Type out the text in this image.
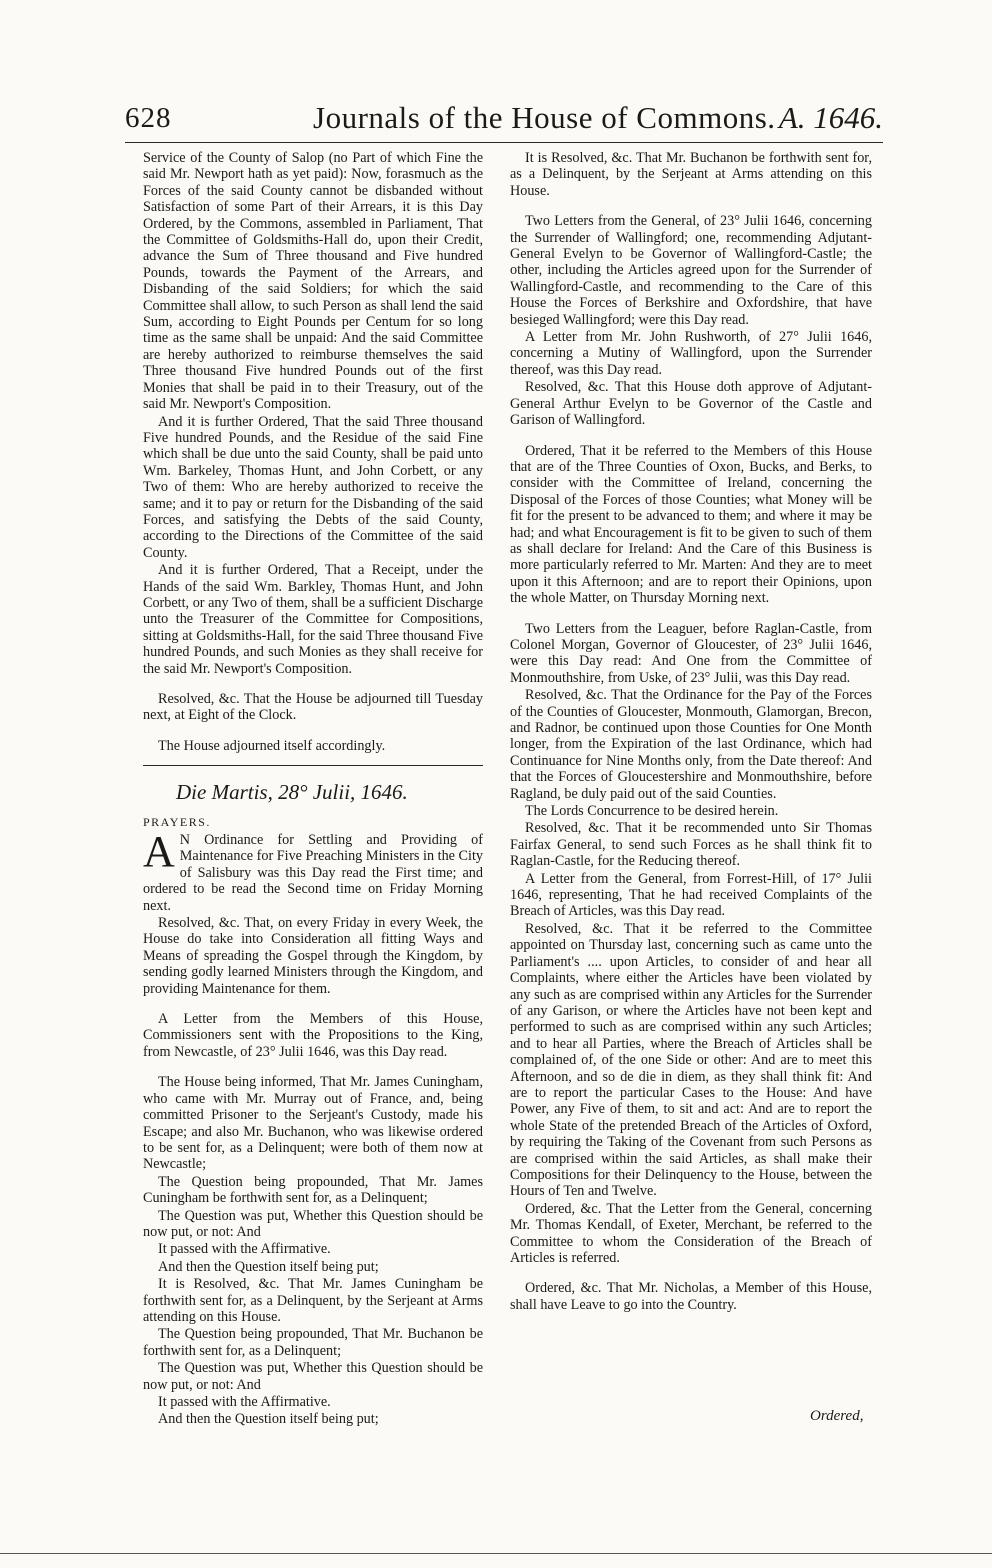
628	Journals of the House of Commons. A. 1646.

Service of the County of Salop (no Part of which Fine the said Mr. Newport hath as yet paid): Now, forasmuch as the Forces of the said County cannot be disbanded without Satisfaction of some Part of their Arrears, it is this Day Ordered, by the Commons, assembled in Parliament, That the Committee of Goldsmiths-Hall do, upon their Credit, advance the Sum of Three thousand and Five hundred Pounds, towards the Payment of the Arrears, and Disbanding of the said Soldiers; for which the said Committee shall allow, to such Person as shall lend the said Sum, according to Eight Pounds per Centum for so long time as the same shall be unpaid: And the said Committee are hereby authorized to reimburse themselves the said Three thousand Five hundred Pounds out of the first Monies that shall be paid in to their Treasury, out of the said Mr. Newport's Composition.

And it is further Ordered, That the said Three thousand Five hundred Pounds, and the Residue of the said Fine which shall be due unto the said County, shall be paid unto Wm. Barkeley, Thomas Hunt, and John Corbett, or any Two of them: Who are hereby authorized to receive the same; and it to pay or return for the Disbanding of the said Forces, and satisfying the Debts of the said County, according to the Directions of the Committee of the said County.

And it is further Ordered, That a Receipt, under the Hands of the said Wm. Barkley, Thomas Hunt, and John Corbett, or any Two of them, shall be a sufficient Discharge unto the Treasurer of the Committee for Compositions, sitting at Goldsmiths-Hall, for the said Three thousand Five hundred Pounds, and such Monies as they shall receive for the said Mr. Newport's Composition.

Resolved, &c. That the House be adjourned till Tuesday next, at Eight of the Clock.

The House adjourned itself accordingly.

Die Martis, 28° Julii, 1646.
PRAYERS.

A N Ordinance for Settling and Providing of Maintenance for Five Preaching Ministers in the City of Salisbury was this Day read the First time; and ordered to be read the Second time on Friday Morning next.

Resolved, &c. That, on every Friday in every Week, the House do take into Consideration all fitting Ways and Means of spreading the Gospel through the Kingdom, by sending godly learned Ministers through the Kingdom, and providing Maintenance for them.

A Letter from the Members of this House, Commissioners sent with the Propositions to the King, from Newcastle, of 23° Julii 1646, was this Day read.

The House being informed, That Mr. James Cuningham, who came with Mr. Murray out of France, and, being committed Prisoner to the Serjeant's Custody, made his Escape; and also Mr. Buchanon, who was likewise ordered to be sent for, as a Delinquent; were both of them now at Newcastle;

The Question being propounded, That Mr. James Cuningham be forthwith sent for, as a Delinquent;

The Question was put, Whether this Question should be now put, or not: And

It passed with the Affirmative.

And then the Question itself being put;

It is Resolved, &c. That Mr. James Cuningham be forthwith sent for, as a Delinquent, by the Serjeant at Arms attending on this House.

The Question being propounded, That Mr. Buchanon be forthwith sent for, as a Delinquent;

The Question was put, Whether this Question should be now put, or not: And

It passed with the Affirmative.

And then the Question itself being put;

It is Resolved, &c. That Mr. Buchanon be forthwith sent for, as a Delinquent, by the Serjeant at Arms attending on this House.

Two Letters from the General, of 23° Julii 1646, concerning the Surrender of Wallingford; one, recommending Adjutant-General Evelyn to be Governor of Wallingford-Castle; the other, including the Articles agreed upon for the Surrender of Wallingford-Castle, and recommending to the Care of this House the Forces of Berkshire and Oxfordshire, that have besieged Wallingford; were this Day read.

A Letter from Mr. John Rushworth, of 27° Julii 1646, concerning a Mutiny of Wallingford, upon the Surrender thereof, was this Day read.

Resolved, &c. That this House doth approve of Adjutant-General Arthur Evelyn to be Governor of the Castle and Garison of Wallingford.

Ordered, That it be referred to the Members of this House that are of the Three Counties of Oxon, Bucks, and Berks, to consider with the Committee of Ireland, concerning the Disposal of the Forces of those Counties; what Money will be fit for the present to be advanced to them; and where it may be had; and what Encouragement is fit to be given to such of them as shall declare for Ireland: And the Care of this Business is more particularly referred to Mr. Marten: And they are to meet upon it this Afternoon; and are to report their Opinions, upon the whole Matter, on Thursday Morning next.

Two Letters from the Leaguer, before Raglan-Castle, from Colonel Morgan, Governor of Gloucester, of 23° Julii 1646, were this Day read: And One from the Committee of Monmouthshire, from Uske, of 23° Julii, was this Day read.

Resolved, &c. That the Ordinance for the Pay of the Forces of the Counties of Gloucester, Monmouth, Glamorgan, Brecon, and Radnor, be continued upon those Counties for One Month longer, from the Expiration of the last Ordinance, which had Continuance for Nine Months only, from the Date thereof: And that the Forces of Gloucestershire and Monmouthshire, before Ragland, be duly paid out of the said Counties.

The Lords Concurrence to be desired herein.

Resolved, &c. That it be recommended unto Sir Thomas Fairfax General, to send such Forces as he shall think fit to Raglan-Castle, for the Reducing thereof.

A Letter from the General, from Forrest-Hill, of 17° Julii 1646, representing, That he had received Complaints of the Breach of Articles, was this Day read.

Resolved, &c. That it be referred to the Committee appointed on Thursday last, concerning such as came unto the Parliament's .... upon Articles, to consider of and hear all Complaints, where either the Articles have been violated by any such as are comprised within any Articles for the Surrender of any Garison, or where the Articles have not been kept and performed to such as are comprised within any such Articles; and to hear all Parties, where the Breach of Articles shall be complained of, of the one Side or other: And are to meet this Afternoon, and so de die in diem, as they shall think fit: And are to report the particular Cases to the House: And have Power, any Five of them, to sit and act: And are to report the whole State of the pretended Breach of the Articles of Oxford, by requiring the Taking of the Covenant from such Persons as are comprised within the said Articles, as shall make their Compositions for their Delinquency to the House, between the Hours of Ten and Twelve.

Ordered, &c. That the Letter from the General, concerning Mr. Thomas Kendall, of Exeter, Merchant, be referred to the Committee to whom the Consideration of the Breach of Articles is referred.

Ordered, &c. That Mr. Nicholas, a Member of this House, shall have Leave to go into the Country.

Ordered,
